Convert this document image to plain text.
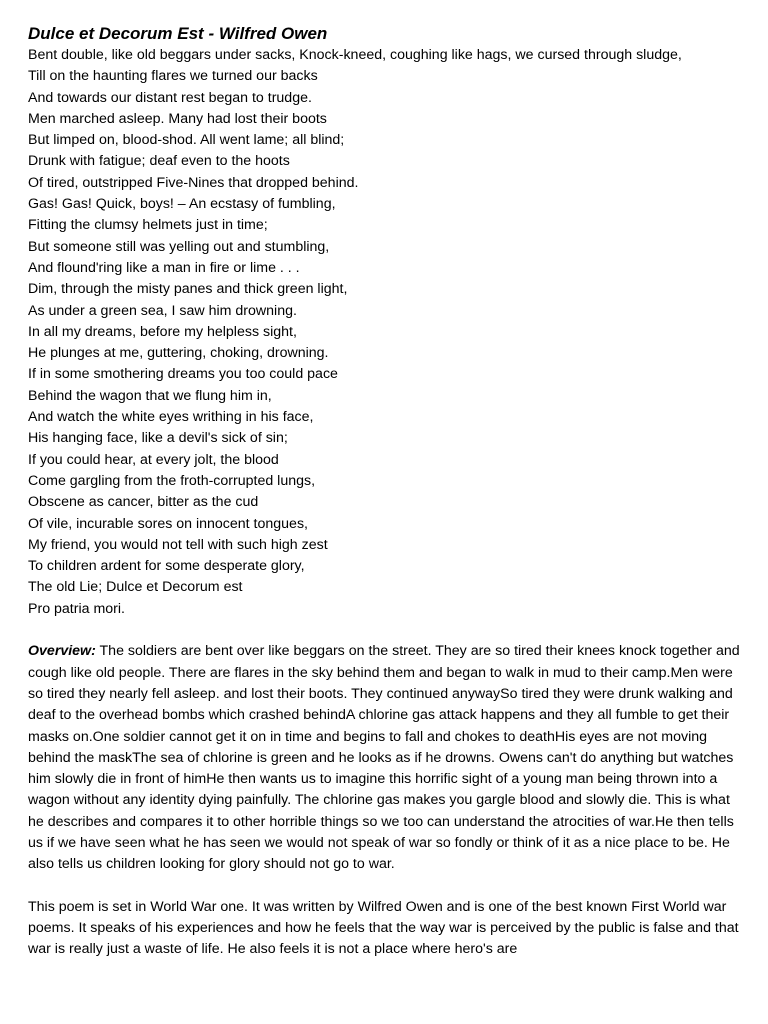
Dulce et Decorum Est - Wilfred Owen
Bent double, like old beggars under sacks, Knock-kneed, coughing like hags, we cursed through sludge,
Till on the haunting flares we turned our backs
And towards our distant rest began to trudge.
Men marched asleep. Many had lost their boots
But limped on, blood-shod. All went lame; all blind;
Drunk with fatigue; deaf even to the hoots
Of tired, outstripped Five-Nines that dropped behind.
Gas! Gas! Quick, boys! – An ecstasy of fumbling,
Fitting the clumsy helmets just in time;
But someone still was yelling out and stumbling,
And flound'ring like a man in fire or lime . . .
Dim, through the misty panes and thick green light,
As under a green sea, I saw him drowning.
In all my dreams, before my helpless sight,
He plunges at me, guttering, choking, drowning.
If in some smothering dreams you too could pace
Behind the wagon that we flung him in,
And watch the white eyes writhing in his face,
His hanging face, like a devil's sick of sin;
If you could hear, at every jolt, the blood
Come gargling from the froth-corrupted lungs,
Obscene as cancer, bitter as the cud
Of vile, incurable sores on innocent tongues,
My friend, you would not tell with such high zest
To children ardent for some desperate glory,
The old Lie; Dulce et Decorum est
Pro patria mori.

Overview: The soldiers are bent over like beggars on the street. They are so tired their knees knock together and cough like old people. There are flares in the sky behind them and began to walk in mud to their camp.Men were so tired they nearly fell asleep. and lost their boots. They continued anywaySo tired they were drunk walking and deaf to the overhead bombs which crashed behindA chlorine gas attack happens and they all fumble to get their masks on.One soldier cannot get it on in time and begins to fall and chokes to deathHis eyes are not moving behind the maskThe sea of chlorine is green and he looks as if he drowns. Owens can't do anything but watches him slowly die in front of himHe then wants us to imagine this horrific sight of a young man being thrown into a wagon without any identity dying painfully. The chlorine gas makes you gargle blood and slowly die. This is what he describes and compares it to other horrible things so we too can understand the atrocities of war.He then tells us if we have seen what he has seen we would not speak of war so fondly or think of it as a nice place to be. He also tells us children looking for glory should not go to war.

This poem is set in World War one. It was written by Wilfred Owen and is one of the best known First World war poems. It speaks of his experiences and how he feels that the way war is perceived by the public is false and that war is really just a waste of life. He also feels it is not a place where hero's are
